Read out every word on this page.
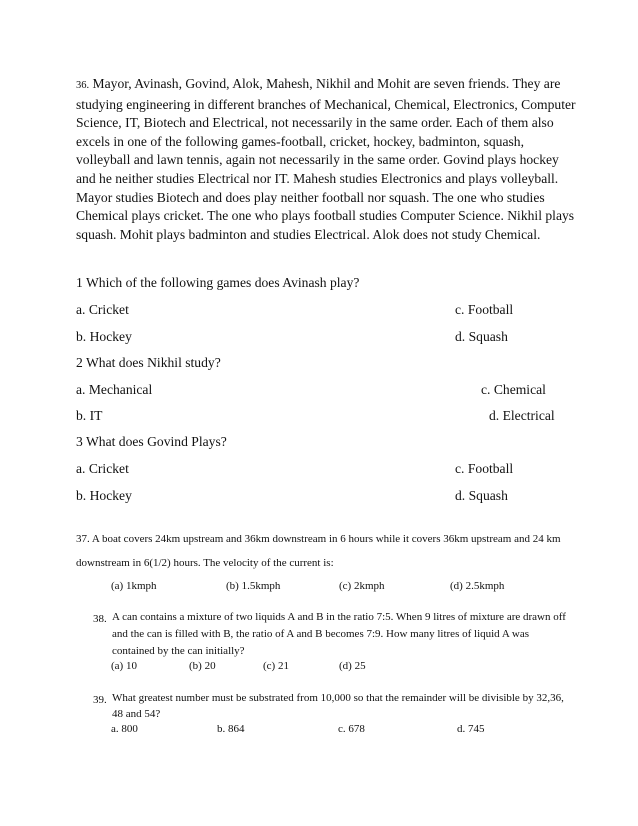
36. Mayor, Avinash, Govind, Alok, Mahesh, Nikhil and Mohit are seven friends. They are studying engineering in different branches of Mechanical, Chemical, Electronics, Computer Science, IT, Biotech and Electrical, not necessarily in the same order. Each of them also excels in one of the following games-football, cricket, hockey, badminton, squash, volleyball and lawn tennis, again not necessarily in the same order. Govind plays hockey and he neither studies Electrical nor IT. Mahesh studies Electronics and plays volleyball. Mayor studies Biotech and does play neither football nor squash. The one who studies Chemical plays cricket. The one who plays football studies Computer Science. Nikhil plays squash. Mohit plays badminton and studies Electrical. Alok does not study Chemical.
1 Which of the following games does Avinash play?
a. Cricket	c. Football
b. Hockey	d. Squash
2 What does Nikhil study?
a. Mechanical	c. Chemical
b. IT	d. Electrical
3 What does Govind Plays?
a. Cricket	c. Football
b. Hockey	d. Squash
37. A boat covers 24km upstream and 36km downstream in 6 hours while it covers 36km upstream and 24 km downstream in 6(1/2) hours. The velocity of the current is:
(a) 1kmph	(b) 1.5kmph	(c) 2kmph	(d) 2.5kmph
38. A can contains a mixture of two liquids A and B in the ratio 7:5. When 9 litres of mixture are drawn off and the can is filled with B, the ratio of A and B becomes 7:9. How many litres of liquid A was contained by the can initially?
(a) 10	(b) 20	(c) 21	(d) 25
39. What greatest number must be substrated from 10,000 so that the remainder will be divisible by 32,36, 48 and 54?
a. 800	b. 864	c. 678	d. 745
